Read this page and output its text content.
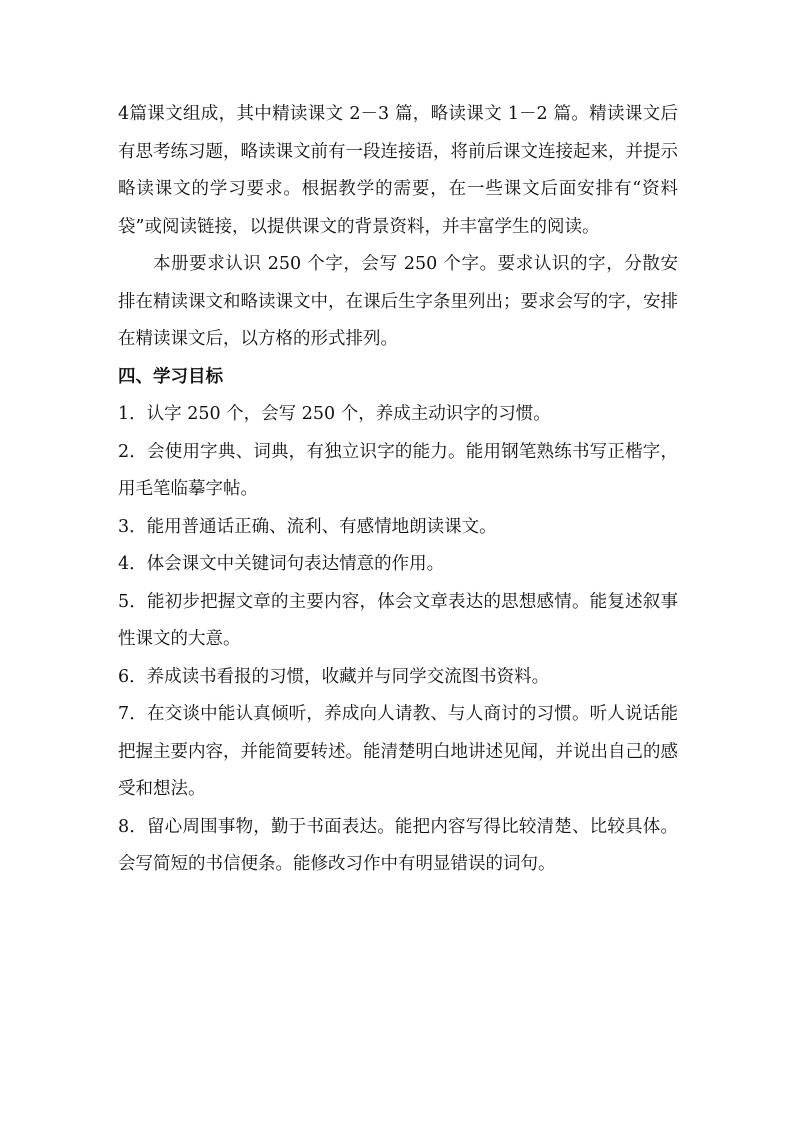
4篇课文组成，其中精读课文 2－3 篇，略读课文 1－2 篇。精读课文后有思考练习题，略读课文前有一段连接语，将前后课文连接起来，并提示略读课文的学习要求。根据教学的需要，在一些课文后面安排有“资料袋”或阅读链接，以提供课文的背景资料，并丰富学生的阅读。

本册要求认识 250 个字，会写 250 个字。要求认识的字，分散安排在精读课文和略读课文中，在课后生字条里列出；要求会写的字，安排在精读课文后，以方格的形式排列。

四、学习目标

1．认字 250 个，会写 250 个，养成主动识字的习惯。

2．会使用字典、词典，有独立识字的能力。能用钢笔熟练书写正楷字，用毛笔临摹字帖。

3．能用普通话正确、流利、有感情地朗读课文。

4．体会课文中关键词句表达情意的作用。

5．能初步把握文章的主要内容，体会文章表达的思想感情。能复述叙事性课文的大意。

6．养成读书看报的习惯，收藏并与同学交流图书资料。

7．在交谈中能认真倾听，养成向人请教、与人商讨的习惯。听人说话能把握主要内容，并能简要转述。能清楚明白地讲述见闻，并说出自己的感受和想法。

8．留心周围事物，勤于书面表达。能把内容写得比较清楚、比较具体。会写简短的书信便条。能修改习作中有明显错误的词句。
